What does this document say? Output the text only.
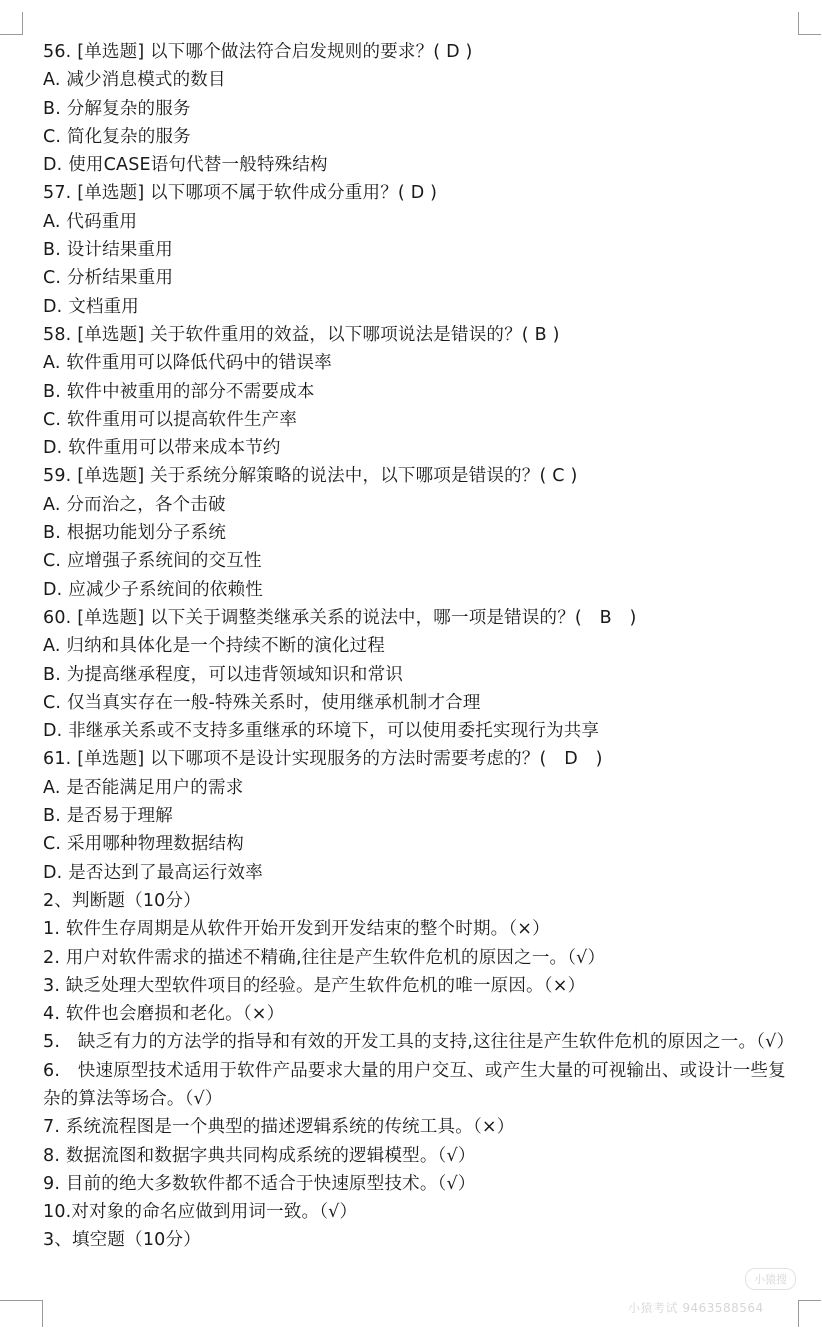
56. [单选题] 以下哪个做法符合启发规则的要求？( D )
A. 减少消息模式的数目
B. 分解复杂的服务
C. 简化复杂的服务
D. 使用CASE语句代替一般特殊结构
57. [单选题] 以下哪项不属于软件成分重用？( D )
A. 代码重用
B. 设计结果重用
C. 分析结果重用
D. 文档重用
58. [单选题] 关于软件重用的效益，以下哪项说法是错误的？( B )
A. 软件重用可以降低代码中的错误率
B. 软件中被重用的部分不需要成本
C. 软件重用可以提高软件生产率
D. 软件重用可以带来成本节约
59. [单选题] 关于系统分解策略的说法中，以下哪项是错误的？( C )
A. 分而治之，各个击破
B. 根据功能划分子系统
C. 应增强子系统间的交互性
D. 应减少子系统间的依赖性
60. [单选题] 以下关于调整类继承关系的说法中，哪一项是错误的？(　B　)
A. 归纳和具体化是一个持续不断的演化过程
B. 为提高继承程度，可以违背领域知识和常识
C. 仅当真实存在一般-特殊关系时，使用继承机制才合理
D. 非继承关系或不支持多重继承的环境下，可以使用委托实现行为共享
61. [单选题] 以下哪项不是设计实现服务的方法时需要考虑的？(　D　)
A. 是否能满足用户的需求
B. 是否易于理解
C. 采用哪种物理数据结构
D. 是否达到了最高运行效率
2、判断题（10分）
1. 软件生存周期是从软件开始开发到开发结束的整个时期。（×）
2. 用户对软件需求的描述不精确,往往是产生软件危机的原因之一。（√）
3. 缺乏处理大型软件项目的经验。是产生软件危机的唯一原因。（×）
4. 软件也会磨损和老化。（×）
5.　缺乏有力的方法学的指导和有效的开发工具的支持,这往往是产生软件危机的原因之一。（√）
6.　快速原型技术适用于软件产品要求大量的用户交互、或产生大量的可视输出、或设计一些复杂的算法等场合。（√）
7. 系统流程图是一个典型的描述逻辑系统的传统工具。（×）
8. 数据流图和数据字典共同构成系统的逻辑模型。（√）
9. 目前的绝大多数软件都不适合于快速原型技术。（√）
10.对对象的命名应做到用词一致。（√）
3、填空题（10分）
小猿搜
小猿考试 9463588564
